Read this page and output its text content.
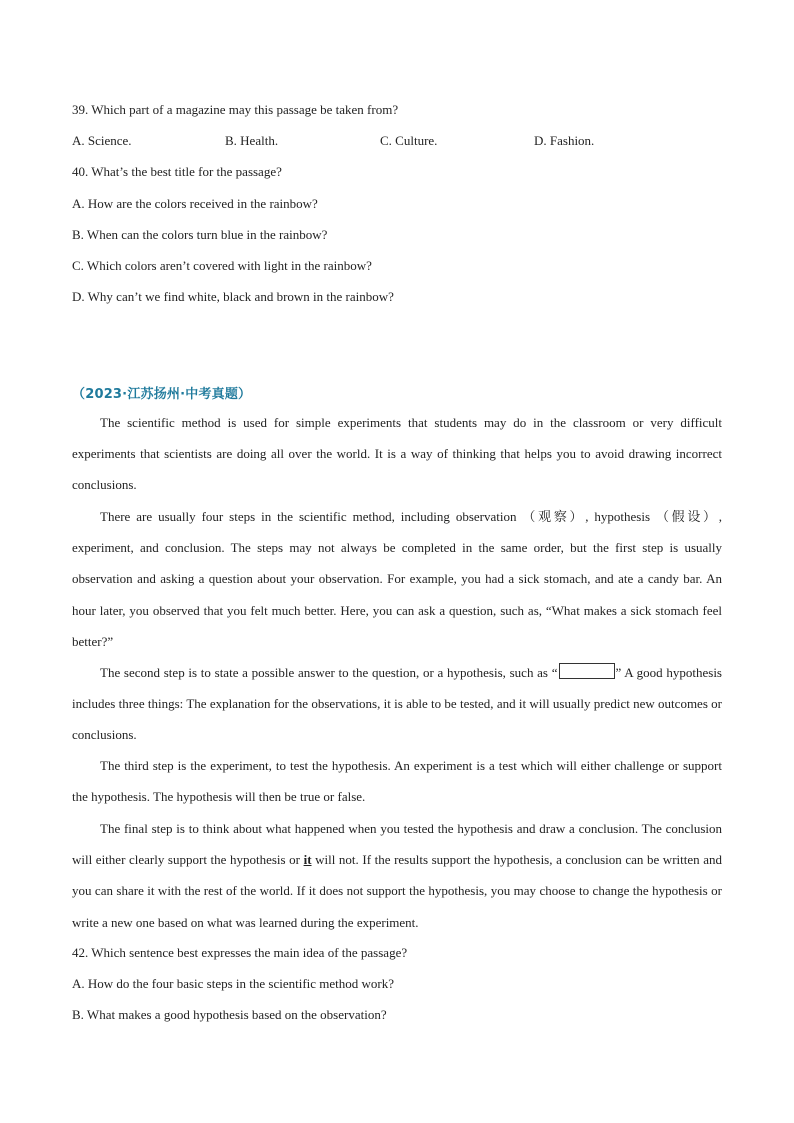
39. Which part of a magazine may this passage be taken from?
A. Science.	B. Health.	C. Culture.	D. Fashion.
40. What’s the best title for the passage?
A. How are the colors received in the rainbow?
B. When can the colors turn blue in the rainbow?
C. Which colors aren’t covered with light in the rainbow?
D. Why can’t we find white, black and brown in the rainbow?
（2023·江苏扬州·中考真题）
The scientific method is used for simple experiments that students may do in the classroom or very difficult experiments that scientists are doing all over the world. It is a way of thinking that helps you to avoid drawing incorrect conclusions.
There are usually four steps in the scientific method, including observation （观察）, hypothesis （假设）, experiment, and conclusion. The steps may not always be completed in the same order, but the first step is usually observation and asking a question about your observation. For example, you had a sick stomach, and ate a candy bar. An hour later, you observed that you felt much better. Here, you can ask a question, such as, “What makes a sick stomach feel better?”
The second step is to state a possible answer to the question, or a hypothesis, such as “	” A good hypothesis includes three things: The explanation for the observations, it is able to be tested, and it will usually predict new outcomes or conclusions.
The third step is the experiment, to test the hypothesis. An experiment is a test which will either challenge or support the hypothesis. The hypothesis will then be true or false.
The final step is to think about what happened when you tested the hypothesis and draw a conclusion. The conclusion will either clearly support the hypothesis or it will not. If the results support the hypothesis, a conclusion can be written and you can share it with the rest of the world. If it does not support the hypothesis, you may choose to change the hypothesis or write a new one based on what was learned during the experiment.
42. Which sentence best expresses the main idea of the passage?
A. How do the four basic steps in the scientific method work?
B. What makes a good hypothesis based on the observation?
